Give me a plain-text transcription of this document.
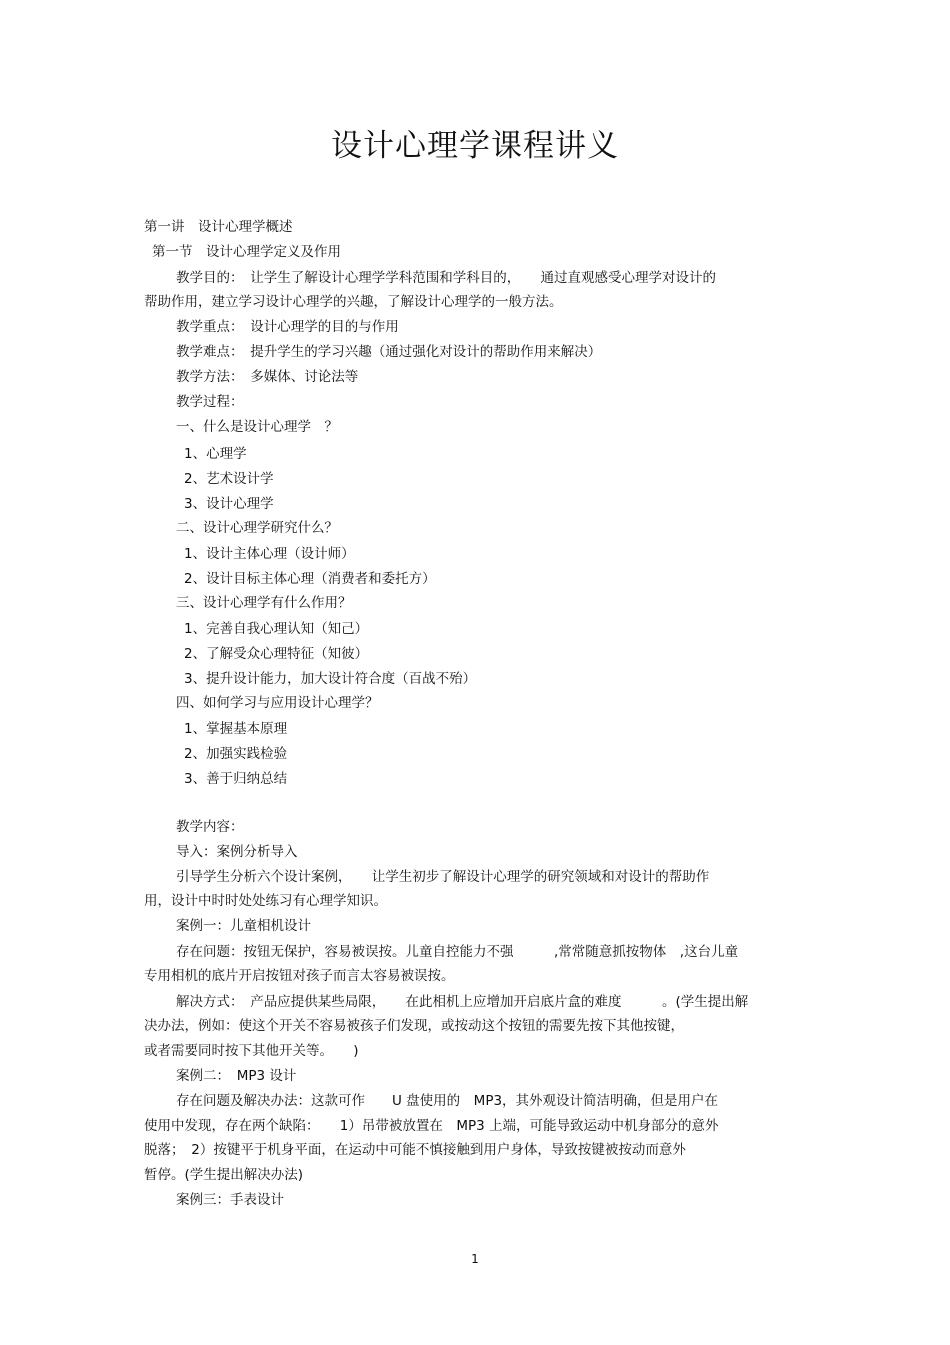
设计心理学课程讲义
第一讲　设计心理学概述
第一节　设计心理学定义及作用
教学目的：　让学生了解设计心理学学科范围和学科目的，　　通过直观感受心理学对设计的
帮助作用，建立学习设计心理学的兴趣，了解设计心理学的一般方法。
教学重点：　设计心理学的目的与作用
教学难点：　提升学生的学习兴趣（通过强化对设计的帮助作用来解决）
教学方法：　多媒体、讨论法等
教学过程：
一、什么是设计心理学　？
1、心理学
2、艺术设计学
3、设计心理学
二、设计心理学研究什么？
1、设计主体心理（设计师）
2、设计目标主体心理（消费者和委托方）
三、设计心理学有什么作用？
1、完善自我心理认知（知己）
2、了解受众心理特征（知彼）
3、提升设计能力，加大设计符合度（百战不殆）
四、如何学习与应用设计心理学？
1、掌握基本原理
2、加强实践检验
3、善于归纳总结
教学内容：
导入：案例分析导入
引导学生分析六个设计案例，　　让学生初步了解设计心理学的研究领域和对设计的帮助作
用，设计中时时处处练习有心理学知识。
案例一：儿童相机设计
存在问题：按钮无保护，容易被误按。儿童自控能力不强　　　,常常随意抓按物体　,这台儿童
专用相机的底片开启按钮对孩子而言太容易被误按。
解决方式：　产品应提供某些局限，　　在此相机上应增加开启底片盒的难度　　　。(学生提出解
决办法，例如：使这个开关不容易被孩子们发现，或按动这个按钮的需要先按下其他按键，
或者需要同时按下其他开关等。　　)
案例二：　MP3 设计
存在问题及解决办法：这款可作　　U 盘使用的　MP3，其外观设计简洁明确，但是用户在
使用中发现，存在两个缺陷：　　1）吊带被放置在　MP3 上端，可能导致运动中机身部分的意外
脱落；　2）按键平于机身平面，在运动中可能不慎接触到用户身体，导致按键被按动而意外
暂停。(学生提出解决办法)
案例三：手表设计
1
